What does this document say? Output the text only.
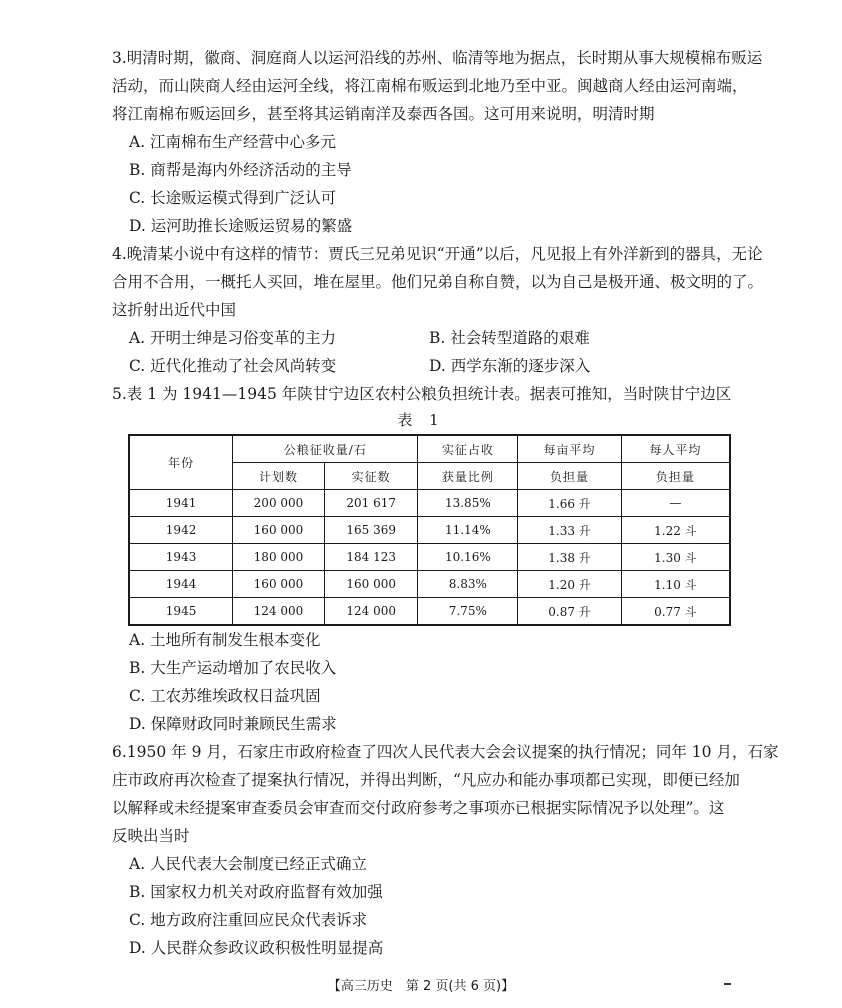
3.明清时期，徽商、洞庭商人以运河沿线的苏州、临清等地为据点，长时期从事大规模棉布贩运
活动，而山陕商人经由运河全线，将江南棉布贩运到北地乃至中亚。闽越商人经由运河南端，
将江南棉布贩运回乡，甚至将其运销南洋及泰西各国。这可用来说明，明清时期
A. 江南棉布生产经营中心多元
B. 商帮是海内外经济活动的主导
C. 长途贩运模式得到广泛认可
D. 运河助推长途贩运贸易的繁盛
4.晚清某小说中有这样的情节：贾氏三兄弟见识“开通”以后，凡见报上有外洋新到的器具，无论
合用不合用，一概托人买回，堆在屋里。他们兄弟自称自赞，以为自己是极开通、极文明的了。
这折射出近代中国
A. 开明士绅是习俗变革的主力	B. 社会转型道路的艰难
C. 近代化推动了社会风尚转变	D. 西学东渐的逐步深入
5.表 1 为 1941—1945 年陕甘宁边区农村公粮负担统计表。据表可推知，当时陕甘宁边区
表 1
年份	公粮征收量/石		实征占收	每亩平均	每人平均
	计划数	实征数	获量比例	负担量	负担量
1941	200 000	201 617	13.85%	1.66 升	—
1942	160 000	165 369	11.14%	1.33 升	1.22 斗
1943	180 000	184 123	10.16%	1.38 升	1.30 斗
1944	160 000	160 000	8.83%	1.20 升	1.10 斗
1945	124 000	124 000	7.75%	0.87 升	0.77 斗
A. 土地所有制发生根本变化
B. 大生产运动增加了农民收入
C. 工农苏维埃政权日益巩固
D. 保障财政同时兼顾民生需求
6.1950 年 9 月，石家庄市政府检查了四次人民代表大会会议提案的执行情况；同年 10 月，石家
庄市政府再次检查了提案执行情况，并得出判断，“凡应办和能办事项都已实现，即便已经加
以解释或未经提案审查委员会审查而交付政府参考之事项亦已根据实际情况予以处理”。这
反映出当时
A. 人民代表大会制度已经正式确立
B. 国家权力机关对政府监督有效加强
C. 地方政府注重回应民众代表诉求
D. 人民群众参政议政积极性明显提高
【高三历史　第 2 页(共 6 页)】
